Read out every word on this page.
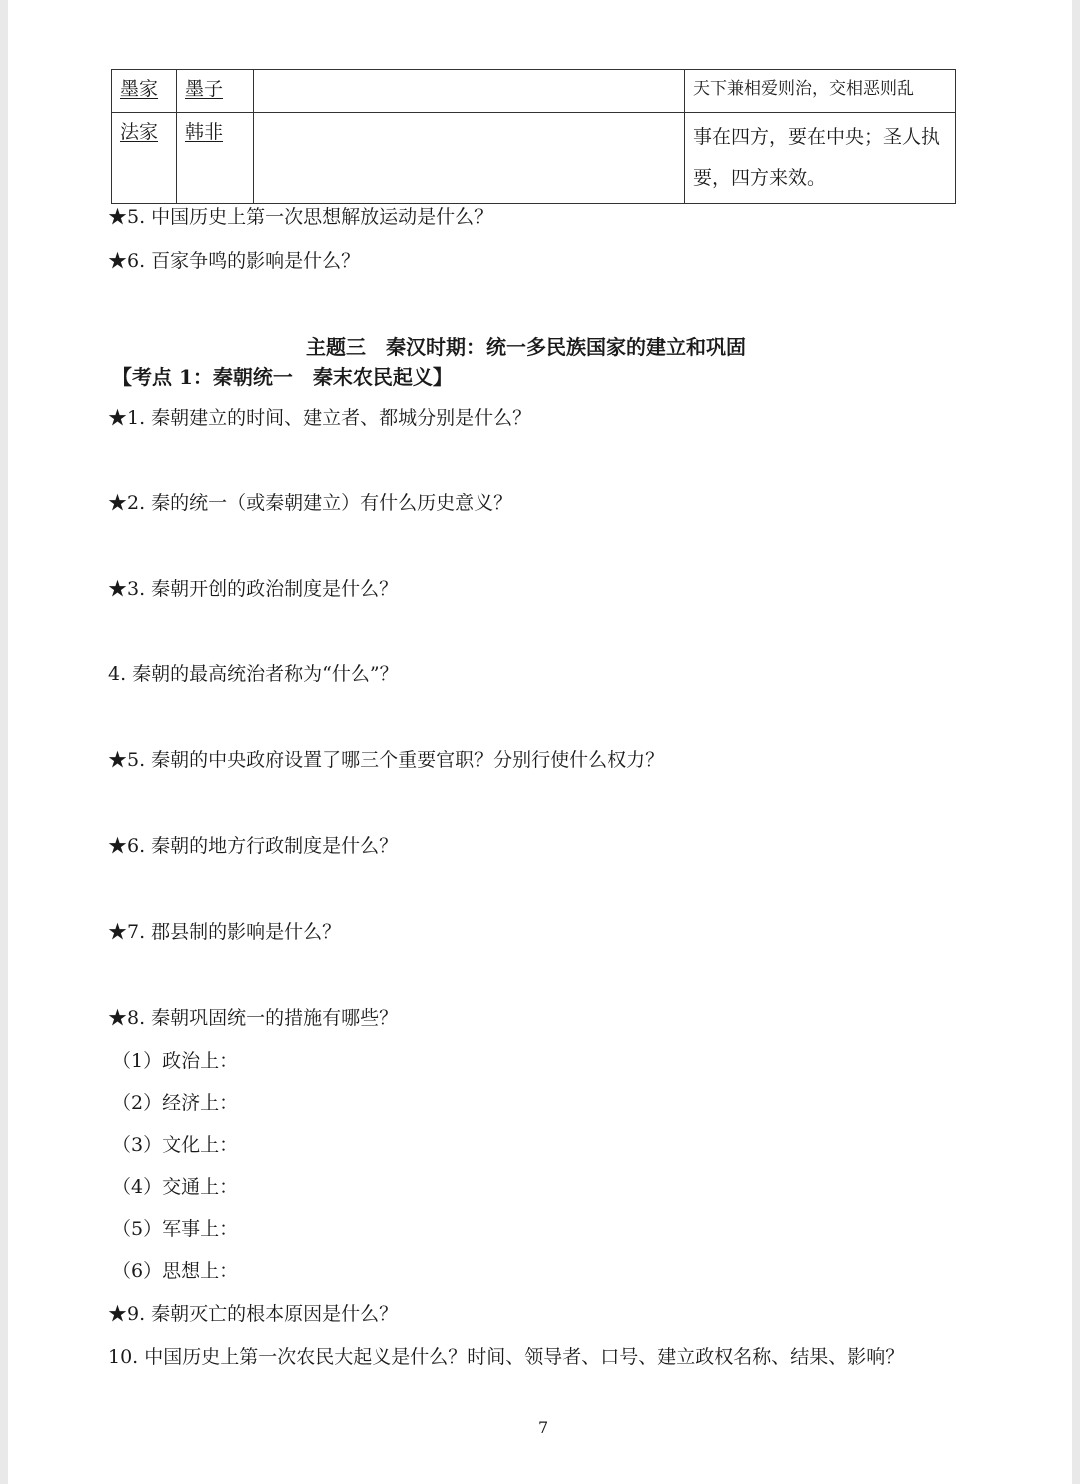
墨家	墨子		天下兼相爱则治，交相恶则乱
法家	韩非		事在四方，要在中央；圣人执要，四方来效。
★5. 中国历史上第一次思想解放运动是什么？
★6. 百家争鸣的影响是什么？
主题三　秦汉时期：统一多民族国家的建立和巩固
【考点 1：秦朝统一　秦末农民起义】
★1. 秦朝建立的时间、建立者、都城分别是什么？
★2. 秦的统一（或秦朝建立）有什么历史意义？
★3. 秦朝开创的政治制度是什么？
4. 秦朝的最高统治者称为“什么”？
★5. 秦朝的中央政府设置了哪三个重要官职？分别行使什么权力？
★6. 秦朝的地方行政制度是什么？
★7. 郡县制的影响是什么？
★8. 秦朝巩固统一的措施有哪些？
（1）政治上：
（2）经济上：
（3）文化上：
（4）交通上：
（5）军事上：
（6）思想上：
★9. 秦朝灭亡的根本原因是什么？
10. 中国历史上第一次农民大起义是什么？时间、领导者、口号、建立政权名称、结果、影响？
7
